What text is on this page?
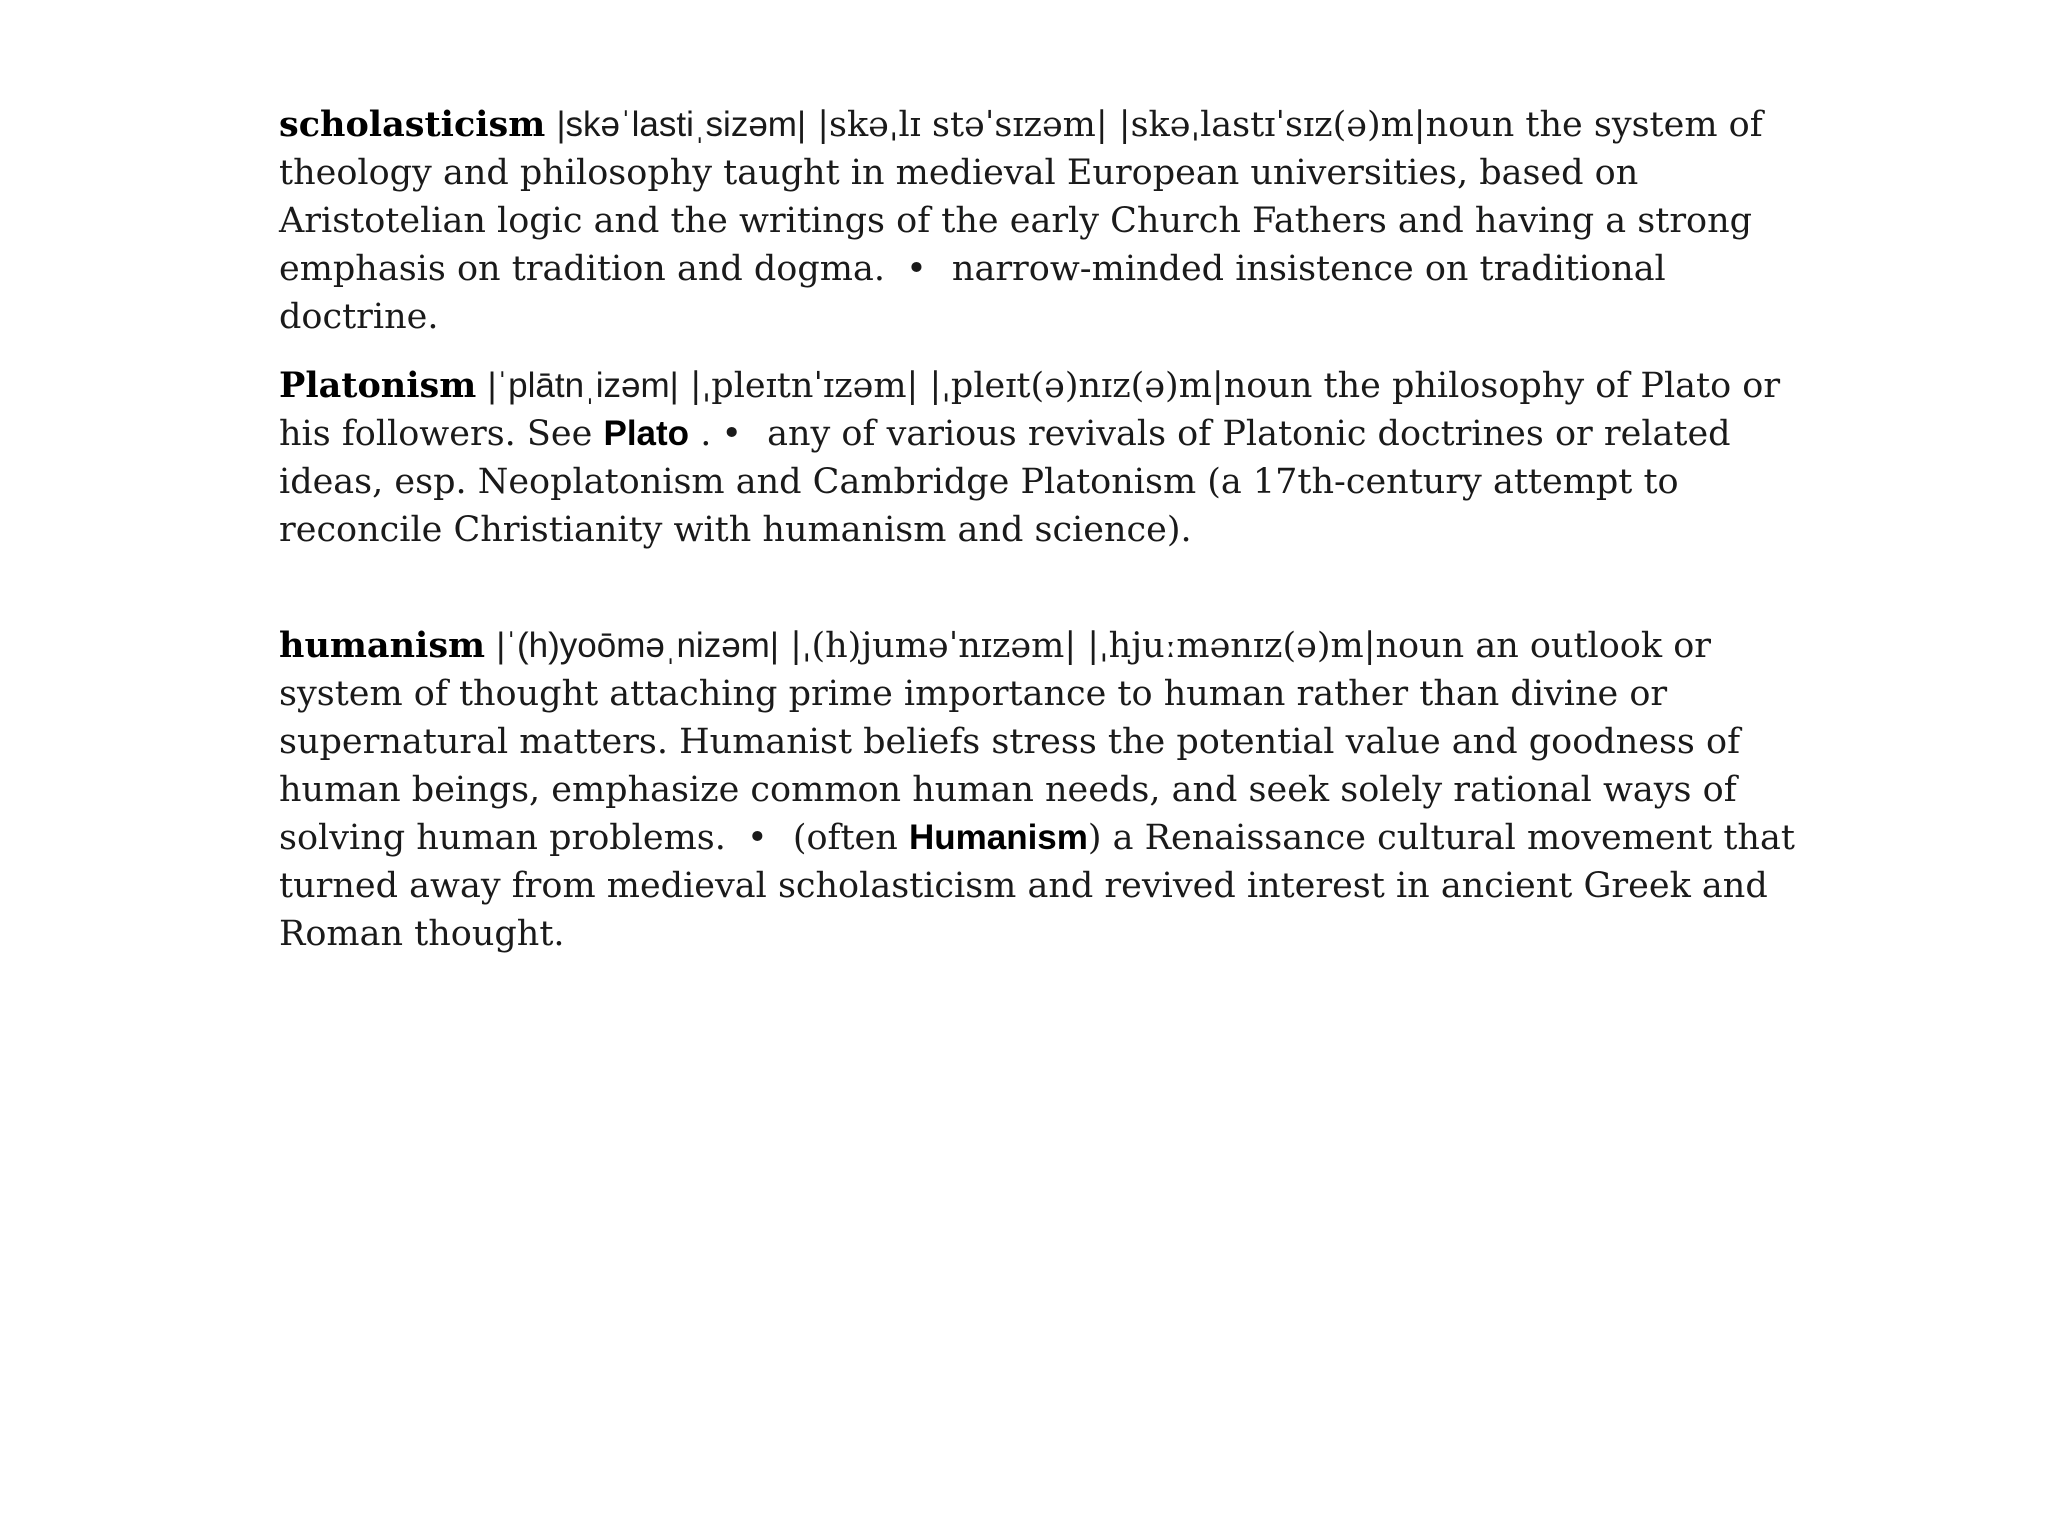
scholasticism |skəˈlastiˌsizəm| |skəˌlɪ stəˈsɪzəm| |skəˌlastɪˈsɪz(ə)m|noun the system of theology and philosophy taught in medieval European universities, based on Aristotelian logic and the writings of the early Church Fathers and having a strong emphasis on tradition and dogma. • narrow-minded insistence on traditional doctrine.

Platonism |ˈplātnˌizəm| |ˌpleɪtnˈɪzəm| |ˌpleɪt(ə)nɪz(ə)m|noun the philosophy of Plato or his followers. See Plato . • any of various revivals of Platonic doctrines or related ideas, esp. Neoplatonism and Cambridge Platonism (a 17th-century attempt to reconcile Christianity with humanism and science).

humanism |ˈ(h)yoōməˌnizəm| |ˌ(h)juməˈnɪzəm| |ˌhjuːmənɪz(ə)m|noun an outlook or system of thought attaching prime importance to human rather than divine or supernatural matters. Humanist beliefs stress the potential value and goodness of human beings, emphasize common human needs, and seek solely rational ways of solving human problems. • (often Humanism) a Renaissance cultural movement that turned away from medieval scholasticism and revived interest in ancient Greek and Roman thought.
